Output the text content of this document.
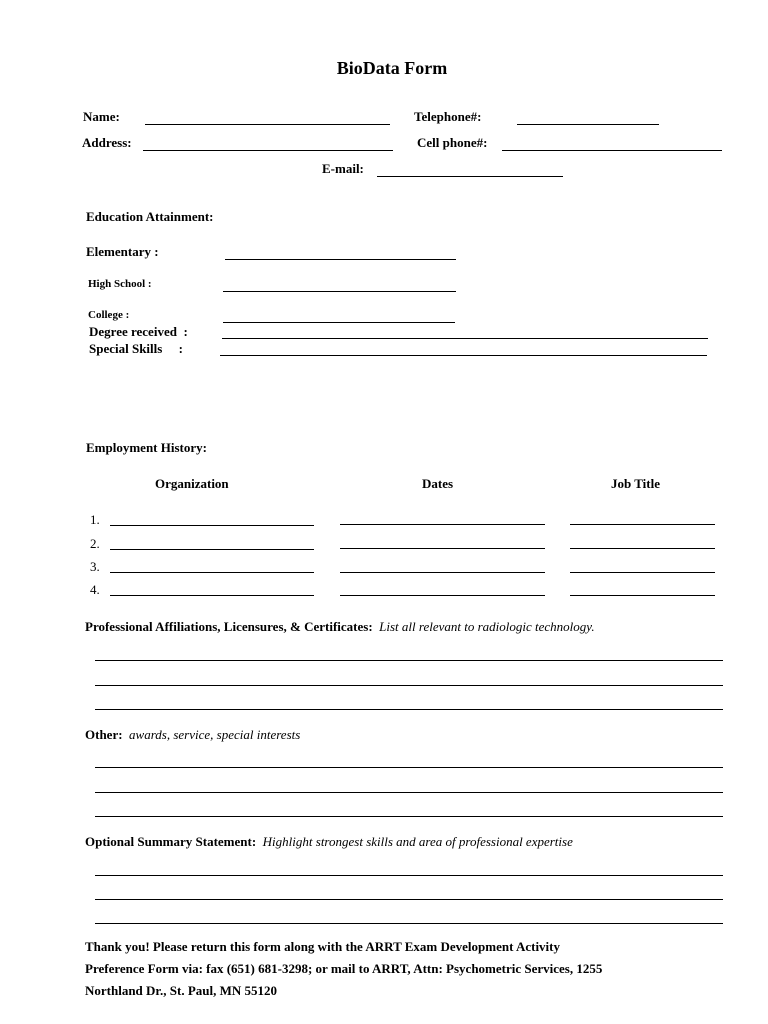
BioData Form
Name:	Telephone#:
Address:	Cell phone#:
E-mail:
Education Attainment:
Elementary :
High School :
College :
Degree received  :
Special Skills     :
Employment History:
Organization	Dates	Job Title
1.
2.
3.
4.
Professional Affiliations, Licensures, & Certificates: List all relevant to radiologic technology.
Other: awards, service, special interests
Optional Summary Statement: Highlight strongest skills and area of professional expertise
Thank you! Please return this form along with the ARRT Exam Development Activity
Preference Form via: fax (651) 681-3298; or mail to ARRT, Attn: Psychometric Services, 1255
Northland Dr., St. Paul, MN 55120
